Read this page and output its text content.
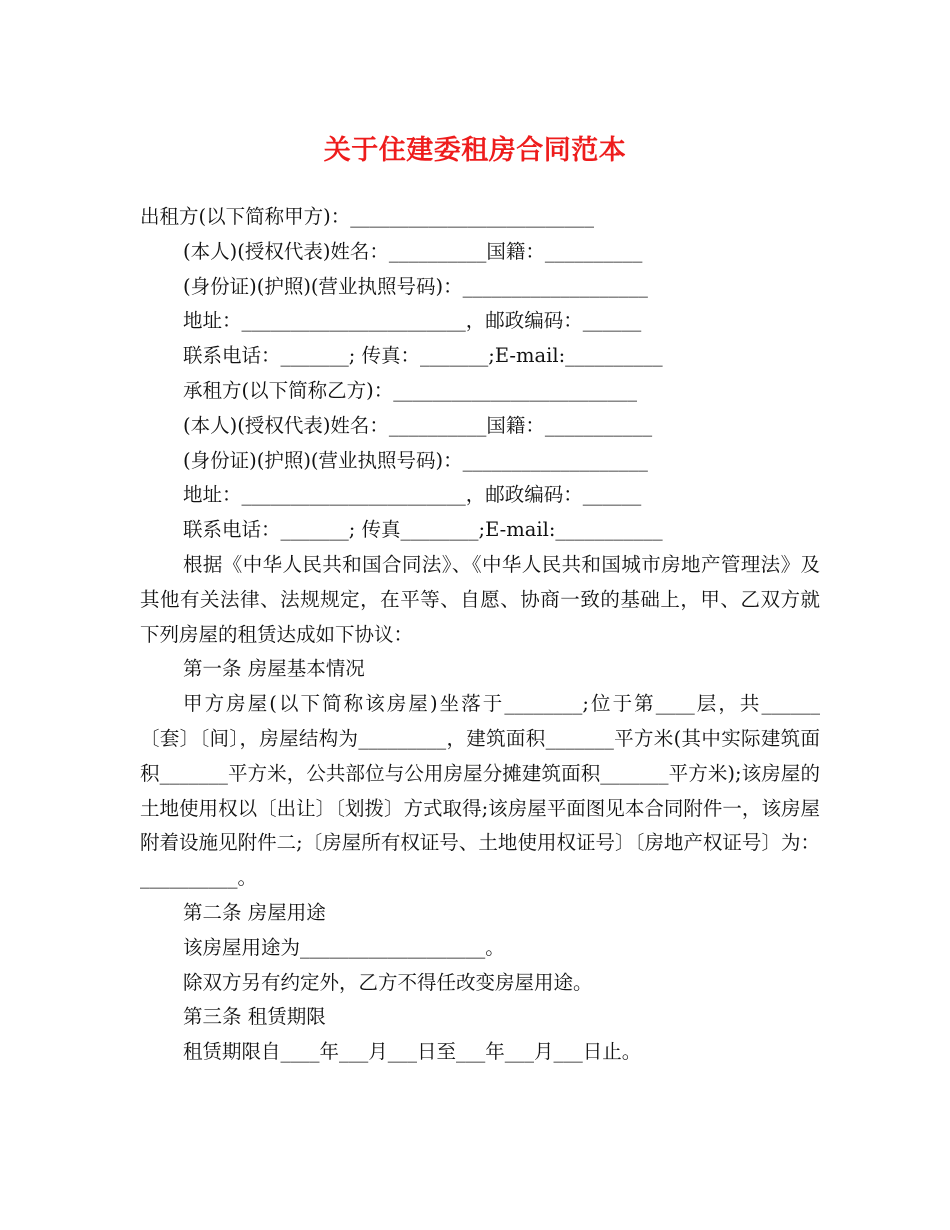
关于住建委租房合同范本

出租方(以下简称甲方)：_________________________

(本人)(授权代表)姓名：__________国籍：__________

(身份证)(护照)(营业执照号码)：___________________

地址：_______________________，邮政编码：______

联系电话：_______; 传真：_______;E-mail:__________

承租方(以下简称乙方)：_________________________

(本人)(授权代表)姓名：__________国籍：___________

(身份证)(护照)(营业执照号码)：___________________

地址：_______________________，邮政编码：______

联系电话：_______; 传真________;E-mail:___________

根据《中华人民共和国合同法》、《中华人民共和国城市房地产管理法》及其他有关法律、法规规定，在平等、自愿、协商一致的基础上，甲、乙双方就下列房屋的租赁达成如下协议：

第一条 房屋基本情况

甲方房屋(以下简称该房屋)坐落于________;位于第____层，共______ 〔套〕〔间〕，房屋结构为_________，建筑面积_______平方米(其中实际建筑面积_______平方米，公共部位与公用房屋分摊建筑面积_______平方米);该房屋的土地使用权以〔出让〕〔划拨〕方式取得;该房屋平面图见本合同附件一，该房屋附着设施见附件二;〔房屋所有权证号、土地使用权证号〕〔房地产权证号〕为：__________。

第二条 房屋用途

该房屋用途为___________________。

除双方另有约定外，乙方不得任改变房屋用途。

第三条 租赁期限

租赁期限自____年___月___日至___年___月___日止。
